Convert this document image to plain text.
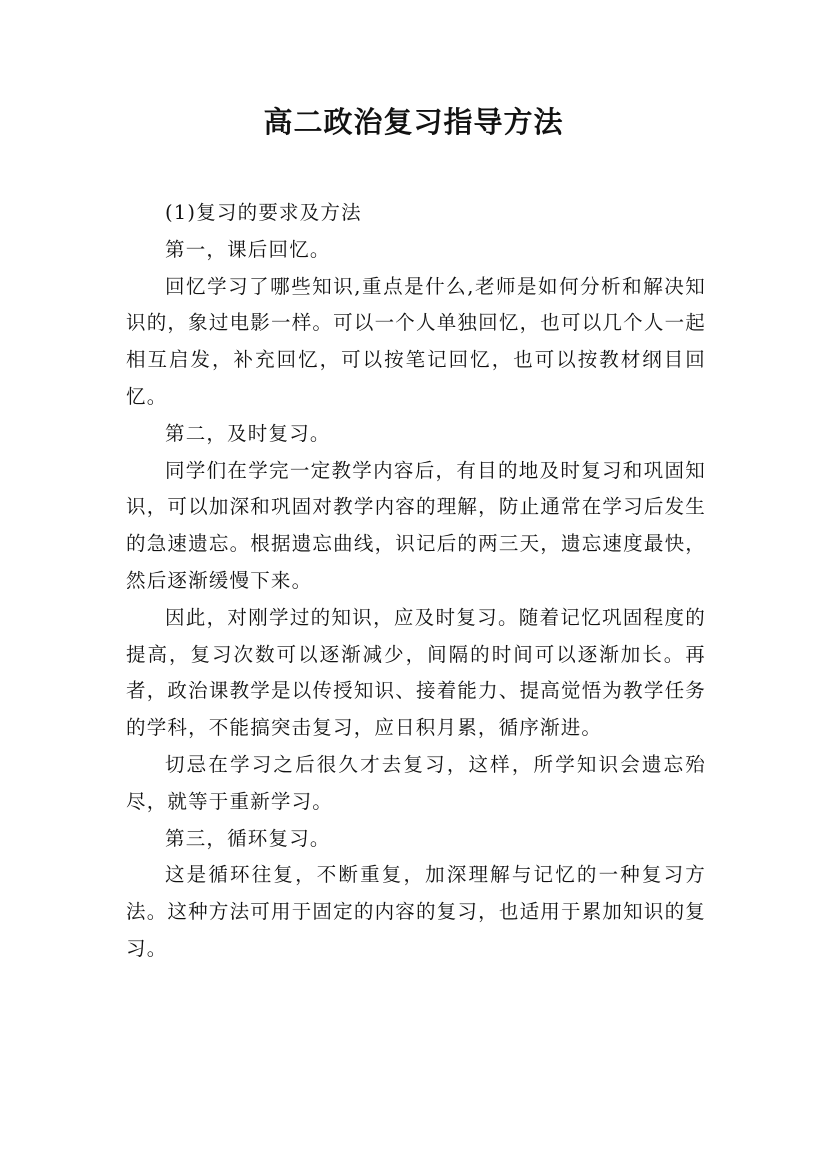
高二政治复习指导方法

(1)复习的要求及方法

第一，课后回忆。

回忆学习了哪些知识,重点是什么,老师是如何分析和解决知识的，象过电影一样。可以一个人单独回忆，也可以几个人一起相互启发，补充回忆，可以按笔记回忆，也可以按教材纲目回忆。

第二，及时复习。

同学们在学完一定教学内容后，有目的地及时复习和巩固知识，可以加深和巩固对教学内容的理解，防止通常在学习后发生的急速遗忘。根据遗忘曲线，识记后的两三天，遗忘速度最快，然后逐渐缓慢下来。

因此，对刚学过的知识，应及时复习。随着记忆巩固程度的提高，复习次数可以逐渐减少，间隔的时间可以逐渐加长。再者，政治课教学是以传授知识、接着能力、提高觉悟为教学任务的学科，不能搞突击复习，应日积月累，循序渐进。

切忌在学习之后很久才去复习，这样，所学知识会遗忘殆尽，就等于重新学习。

第三，循环复习。

这是循环往复，不断重复，加深理解与记忆的一种复习方法。这种方法可用于固定的内容的复习，也适用于累加知识的复习。
